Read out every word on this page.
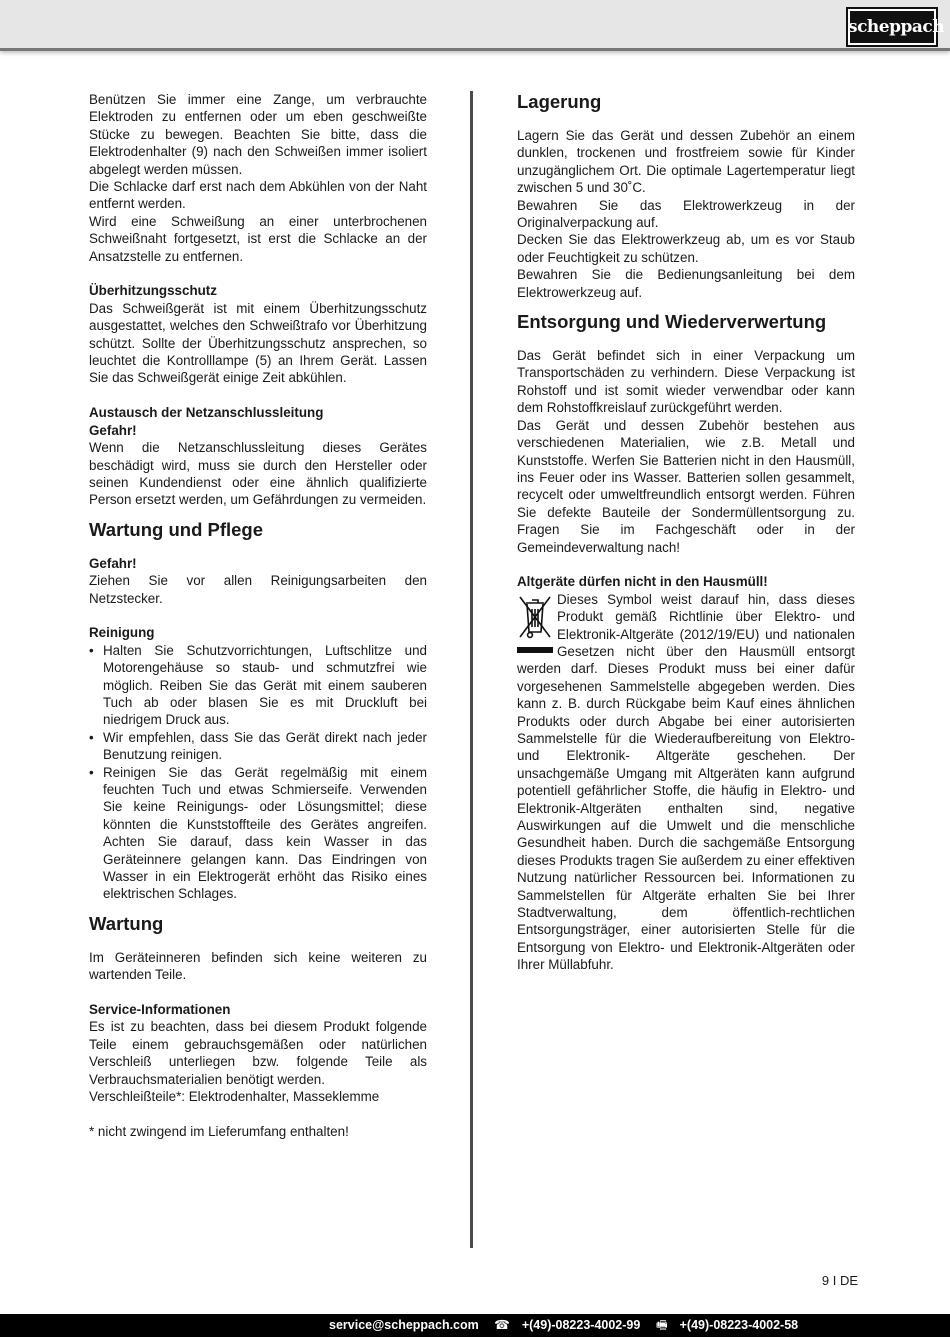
scheppach

Benützen Sie immer eine Zange, um verbrauchte Elektroden zu entfernen oder um eben geschweißte Stücke zu bewegen. Beachten Sie bitte, dass die Elektrodenhalter (9) nach den Schweißen immer isoliert abgelegt werden müssen.

Die Schlacke darf erst nach dem Abkühlen von der Naht entfernt werden.

Wird eine Schweißung an einer unterbrochenen Schweißnaht fortgesetzt, ist erst die Schlacke an der Ansatzstelle zu entfernen.

Überhitzungsschutz

Das Schweißgerät ist mit einem Überhitzungsschutz ausgestattet, welches den Schweißtrafo vor Überhitzung schützt. Sollte der Überhitzungsschutz ansprechen, so leuchtet die Kontrolllampe (5) an Ihrem Gerät. Lassen Sie das Schweißgerät einige Zeit abkühlen.

Austausch der Netzanschlussleitung

Gefahr!

Wenn die Netzanschlussleitung dieses Gerätes beschädigt wird, muss sie durch den Hersteller oder seinen Kundendienst oder eine ähnlich qualifizierte Person ersetzt werden, um Gefährdungen zu vermeiden.

Wartung und Pflege

Gefahr!

Ziehen Sie vor allen Reinigungsarbeiten den Netzstecker.

Reinigung

• Halten Sie Schutzvorrichtungen, Luftschlitze und Motorengehäuse so staub- und schmutzfrei wie möglich. Reiben Sie das Gerät mit einem sauberen Tuch ab oder blasen Sie es mit Druckluft bei niedrigem Druck aus.
• Wir empfehlen, dass Sie das Gerät direkt nach jeder Benutzung reinigen.
• Reinigen Sie das Gerät regelmäßig mit einem feuchten Tuch und etwas Schmierseife. Verwenden Sie keine Reinigungs- oder Lösungsmittel; diese könnten die Kunststoffteile des Gerätes angreifen. Achten Sie darauf, dass kein Wasser in das Geräteinnere gelangen kann. Das Eindringen von Wasser in ein Elektrogerät erhöht das Risiko eines elektrischen Schlages.
Wartung

Im Geräteinneren befinden sich keine weiteren zu wartenden Teile.

Service-Informationen

Es ist zu beachten, dass bei diesem Produkt folgende Teile einem gebrauchsgemäßen oder natürlichen Verschleiß unterliegen bzw. folgende Teile als Verbrauchsmaterialien benötigt werden.

Verschleißteile*: Elektrodenhalter, Masseklemme

* nicht zwingend im Lieferumfang enthalten!

Lagerung

Lagern Sie das Gerät und dessen Zubehör an einem dunklen, trockenen und frostfreiem sowie für Kinder unzugänglichem Ort. Die optimale Lagertemperatur liegt zwischen 5 und 30˚C.

Bewahren Sie das Elektrowerkzeug in der Originalverpackung auf.

Decken Sie das Elektrowerkzeug ab, um es vor Staub oder Feuchtigkeit zu schützen.

Bewahren Sie die Bedienungsanleitung bei dem Elektrowerkzeug auf.

Entsorgung und Wiederverwertung

Das Gerät befindet sich in einer Verpackung um Transportschäden zu verhindern. Diese Verpackung ist Rohstoff und ist somit wieder verwendbar oder kann dem Rohstoffkreislauf zurückgeführt werden.

Das Gerät und dessen Zubehör bestehen aus verschiedenen Materialien, wie z.B. Metall und Kunststoffe. Werfen Sie Batterien nicht in den Hausmüll, ins Feuer oder ins Wasser. Batterien sollen gesammelt, recycelt oder umweltfreundlich entsorgt werden. Führen Sie defekte Bauteile der Sondermüllentsorgung zu. Fragen Sie im Fachgeschäft oder in der Gemeindeverwaltung nach!

Altgeräte dürfen nicht in den Hausmüll!

Dieses Symbol weist darauf hin, dass dieses Produkt gemäß Richtlinie über Elektro- und Elektronik-Altgeräte (2012/19/EU) und nationalen Gesetzen nicht über den Hausmüll entsorgt werden darf. Dieses Produkt muss bei einer dafür vorgesehenen Sammelstelle abgegeben werden. Dies kann z. B. durch Rückgabe beim Kauf eines ähnlichen Produkts oder durch Abgabe bei einer autorisierten Sammelstelle für die Wiederaufbereitung von Elektro- und Elektronik- Altgeräte geschehen. Der unsachgemäße Umgang mit Altgeräten kann aufgrund potentiell gefährlicher Stoffe, die häufig in Elektro- und Elektronik-Altgeräten enthalten sind, negative Auswirkungen auf die Umwelt und die menschliche Gesundheit haben. Durch die sachgemäße Entsorgung dieses Produkts tragen Sie außerdem zu einer effektiven Nutzung natürlicher Ressourcen bei. Informationen zu Sammelstellen für Altgeräte erhalten Sie bei Ihrer Stadtverwaltung, dem öffentlich-rechtlichen Entsorgungsträger, einer autorisierten Stelle für die Entsorgung von Elektro- und Elektronik-Altgeräten oder Ihrer Müllabfuhr.

9 I DE
service@scheppach.com ☎ +(49)-08223-4002-99 🖷 +(49)-08223-4002-58
